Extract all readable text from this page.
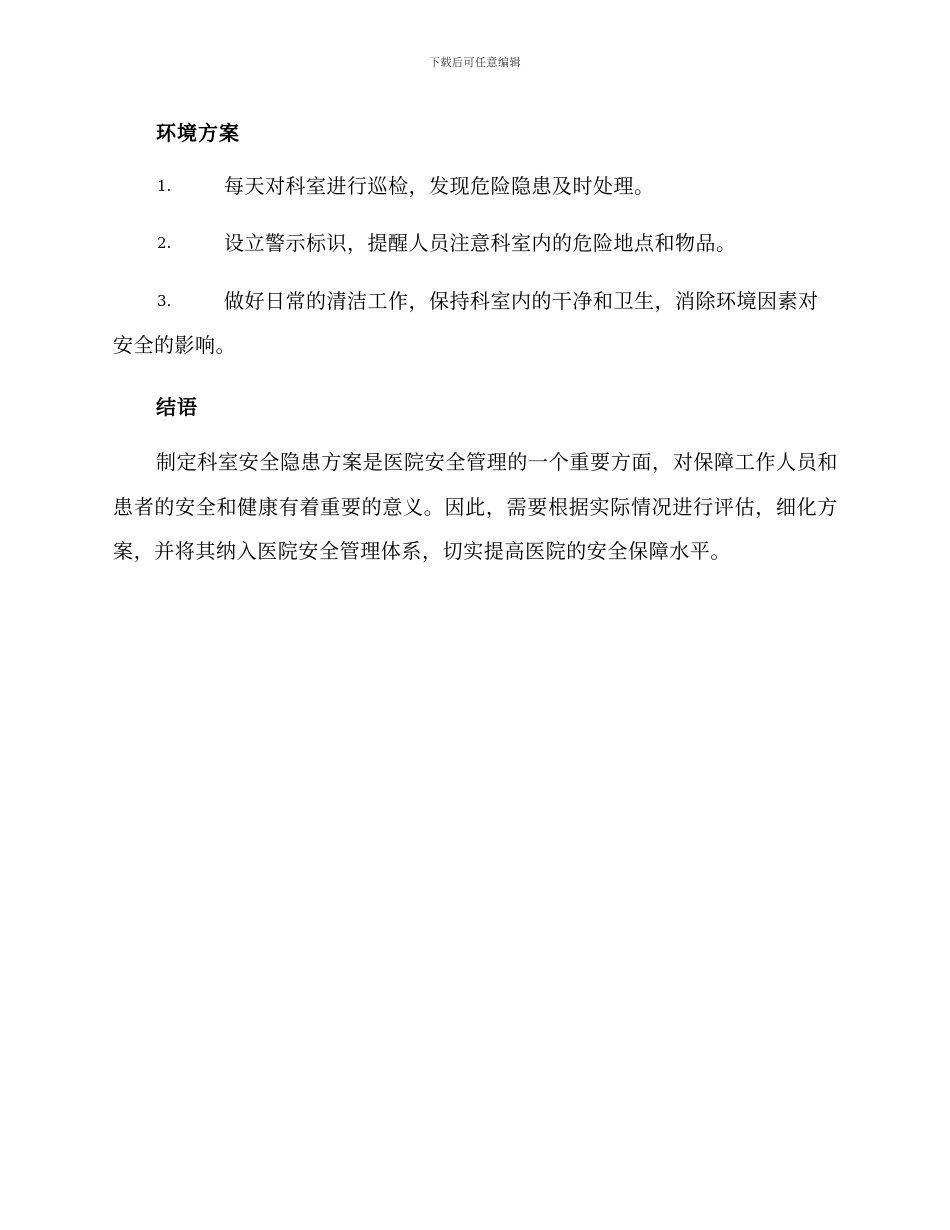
下载后可任意编辑
环境方案
1.	每天对科室进行巡检，发现危险隐患及时处理。
2.	设立警示标识，提醒人员注意科室内的危险地点和物品。
3.	做好日常的清洁工作，保持科室内的干净和卫生，消除环境因素对安全的影响。
结语
制定科室安全隐患方案是医院安全管理的一个重要方面，对保障工作人员和患者的安全和健康有着重要的意义。因此，需要根据实际情况进行评估，细化方案，并将其纳入医院安全管理体系，切实提高医院的安全保障水平。
